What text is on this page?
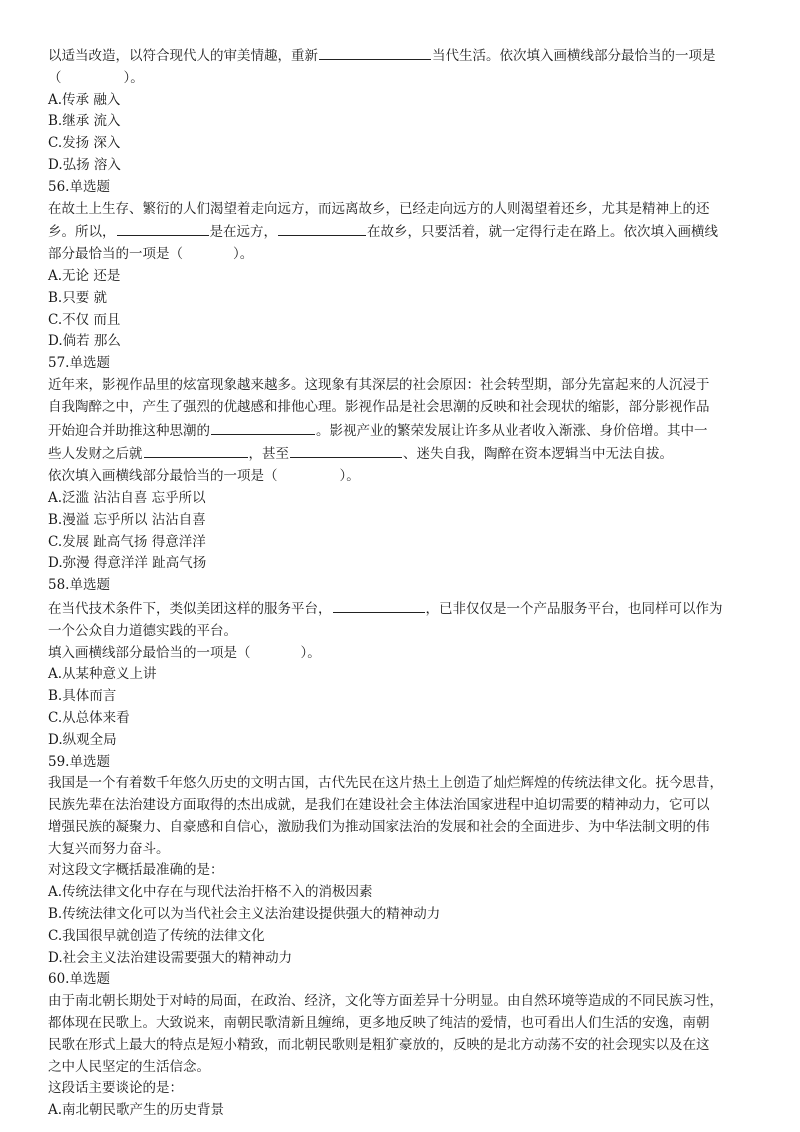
以适当改造，以符合现代人的审美情趣，重新	当代生活。依次填入画横线部分最恰当的一项是
（	）。
A.传承 融入
B.继承 流入
C.发扬 深入
D.弘扬 溶入
56.单选题
在故土上生存、繁衍的人们渴望着走向远方，而远离故乡，已经走向远方的人则渴望着还乡，尤其是精神上的还
乡。所以，	是在远方，	在故乡，只要活着，就一定得行走在路上。依次填入画横线
部分最恰当的一项是（	）。
A.无论 还是
B.只要 就
C.不仅 而且
D.倘若 那么
57.单选题
近年来，影视作品里的炫富现象越来越多。这现象有其深层的社会原因：社会转型期，部分先富起来的人沉浸于
自我陶醉之中，产生了强烈的优越感和排他心理。影视作品是社会思潮的反映和社会现状的缩影，部分影视作品
开始迎合并助推这种思潮的	。影视产业的繁荣发展让许多从业者收入渐涨、身价倍增。其中一
些人发财之后就	，甚至	、迷失自我，陶醉在资本逻辑当中无法自拔。
依次填入画横线部分最恰当的一项是（	）。
A.泛滥 沾沾自喜 忘乎所以
B.漫溢 忘乎所以 沾沾自喜
C.发展 趾高气扬 得意洋洋
D.弥漫 得意洋洋 趾高气扬
58.单选题
在当代技术条件下，类似美团这样的服务平台，	，已非仅仅是一个产品服务平台，也同样可以作为
一个公众自力道德实践的平台。
填入画横线部分最恰当的一项是（	）。
A.从某种意义上讲
B.具体而言
C.从总体来看
D.纵观全局
59.单选题
我国是一个有着数千年悠久历史的文明古国，古代先民在这片热土上创造了灿烂辉煌的传统法律文化。抚今思昔，
民族先辈在法治建设方面取得的杰出成就，是我们在建设社会主体法治国家进程中迫切需要的精神动力，它可以
增强民族的凝聚力、自豪感和自信心，激励我们为推动国家法治的发展和社会的全面进步、为中华法制文明的伟
大复兴而努力奋斗。
对这段文字概括最准确的是：
A.传统法律文化中存在与现代法治扞格不入的消极因素
B.传统法律文化可以为当代社会主义法治建设提供强大的精神动力
C.我国很早就创造了传统的法律文化
D.社会主义法治建设需要强大的精神动力
60.单选题
由于南北朝长期处于对峙的局面，在政治、经济，文化等方面差异十分明显。由自然环境等造成的不同民族习性，
都体现在民歌上。大致说来，南朝民歌清新且缠绵，更多地反映了纯洁的爱情，也可看出人们生活的安逸，南朝
民歌在形式上最大的特点是短小精致，而北朝民歌则是粗犷豪放的，反映的是北方动荡不安的社会现实以及在这
之中人民坚定的生活信念。
这段话主要谈论的是：
A.南北朝民歌产生的历史背景
